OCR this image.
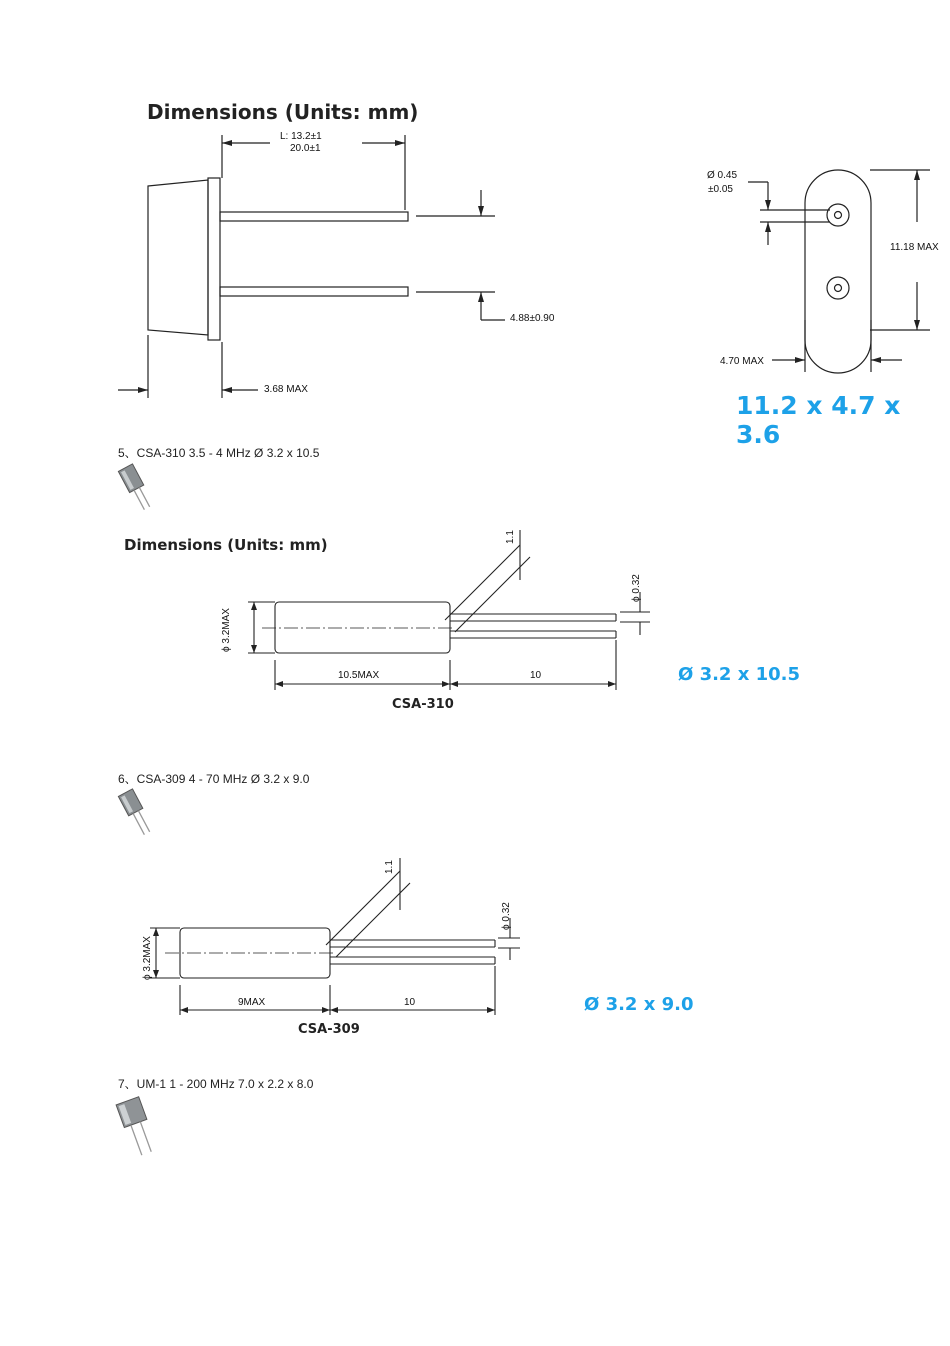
Dimensions (Units: mm)
L: 13.2±1
20.0±1
4.88±0.90
3.68 MAX
Ø 0.45
±0.05
11.18 MAX
4.70 MAX
11.2 x 4.7 x 3.6
5、CSA-310 3.5 - 4 MHz Ø 3.2 x 10.5
Dimensions (Units: mm)
ϕ 3.2MAX
1.1
ϕ 0.32
10.5MAX	10
CSA-310
Ø 3.2 x 10.5
6、CSA-309 4 - 70 MHz Ø 3.2 x 9.0
ϕ 3.2MAX
1.1
ϕ 0.32
9MAX	10
CSA-309
Ø 3.2 x 9.0
7、UM-1 1 - 200 MHz 7.0 x 2.2 x 8.0
